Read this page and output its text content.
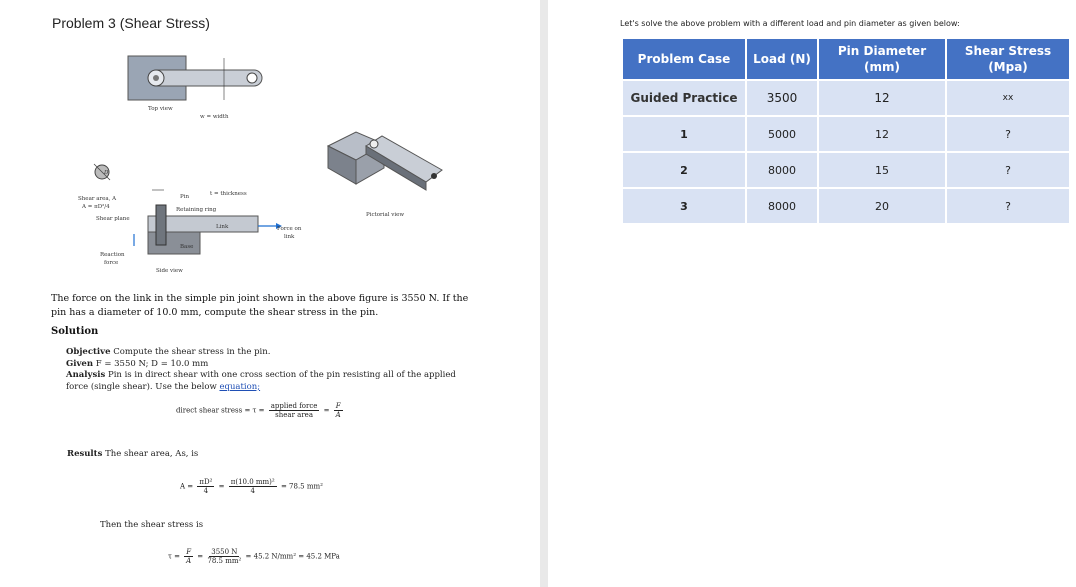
Problem 3 (Shear Stress)
Top view
w = width
D
Shear area, A
A = πD²/4
Shear plane
Pin
Retaining ring
t = thickness
Link
Base
Force on
link
Reaction
force
Side view
Pictorial view
The force on the link in the simple pin joint shown in the above figure is 3550 N. If the pin has a diameter of 10.0 mm, compute the shear stress in the pin.
Solution
Objective Compute the shear stress in the pin.
Given F = 3550 N; D = 10.0 mm
Analysis Pin is in direct shear with one cross section of the pin resisting all of the applied force (single shear). Use the below equation;
direct shear stress = $\tau = \frac{\text{applied force}}{\text{shear area}} = \frac{F}{A}$
Results The shear area, As, is
$A = \frac{\text{πD²}}{4} = \frac{\text{π(10.0 mm)²}}{4} = 78.5$ mm²
Then the shear stress is
$\tau = \frac{F}{A} = \frac{3550 N}{\text{78.5 mm²}} = 45.2$ N/mm² = 45.2 MPa
Let's solve the above problem with a different load and pin diameter as given below:
Problem Case	Load (N)	Pin Diameter (mm)	Shear Stress (Mpa)
Guided Practice	3500	12	xx
1	5000	12	?
2	8000	15	?
3	8000	20	?
